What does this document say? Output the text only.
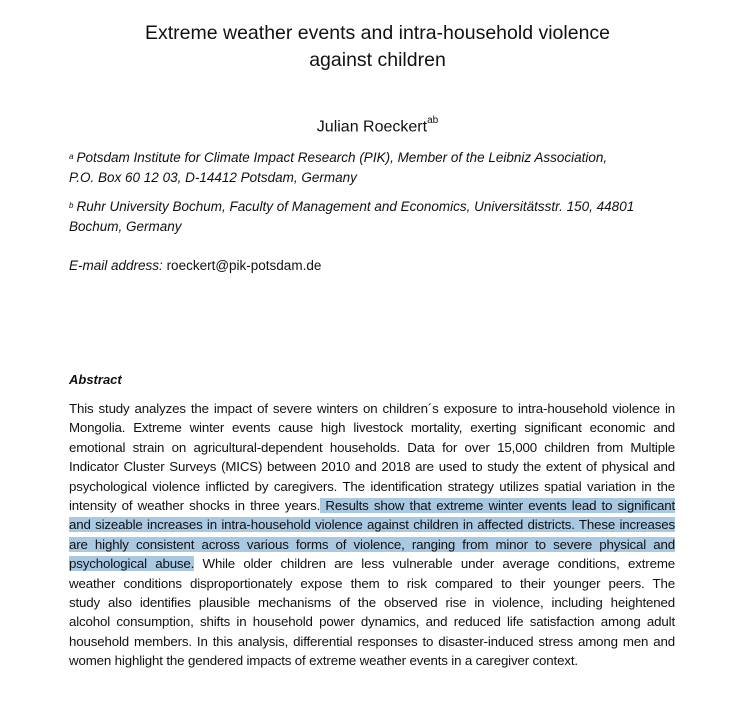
Extreme weather events and intra-household violence
against children
Julian Roeckert$^{ab}$
$^a$ Potsdam Institute for Climate Impact Research (PIK), Member of the Leibniz Association,
P.O. Box 60 12 03, D-14412 Potsdam, Germany
$^b$ Ruhr University Bochum, Faculty of Management and Economics, Universitätsstr. 150, 44801
Bochum, Germany
E-mail address: roeckert@pik-potsdam.de
Abstract
This study analyzes the impact of severe winters on children´s exposure to intra-household violence in
Mongolia. Extreme winter events cause high livestock mortality, exerting significant economic and
emotional strain on agricultural-dependent households. Data for over 15,000 children from Multiple
Indicator Cluster Surveys (MICS) between 2010 and 2018 are used to study the extent of physical and
psychological violence inflicted by caregivers. The identification strategy utilizes spatial variation in the
intensity of weather shocks in three years. Results show that extreme winter events lead to significant
and sizeable increases in intra-household violence against children in affected districts. These increases
are highly consistent across various forms of violence, ranging from minor to severe physical and
psychological abuse. While older children are less vulnerable under average conditions, extreme
weather conditions disproportionately expose them to risk compared to their younger peers. The
study also identifies plausible mechanisms of the observed rise in violence, including heightened
alcohol consumption, shifts in household power dynamics, and reduced life satisfaction among adult
household members. In this analysis, differential responses to disaster-induced stress among men and
women highlight the gendered impacts of extreme weather events in a caregiver context.
